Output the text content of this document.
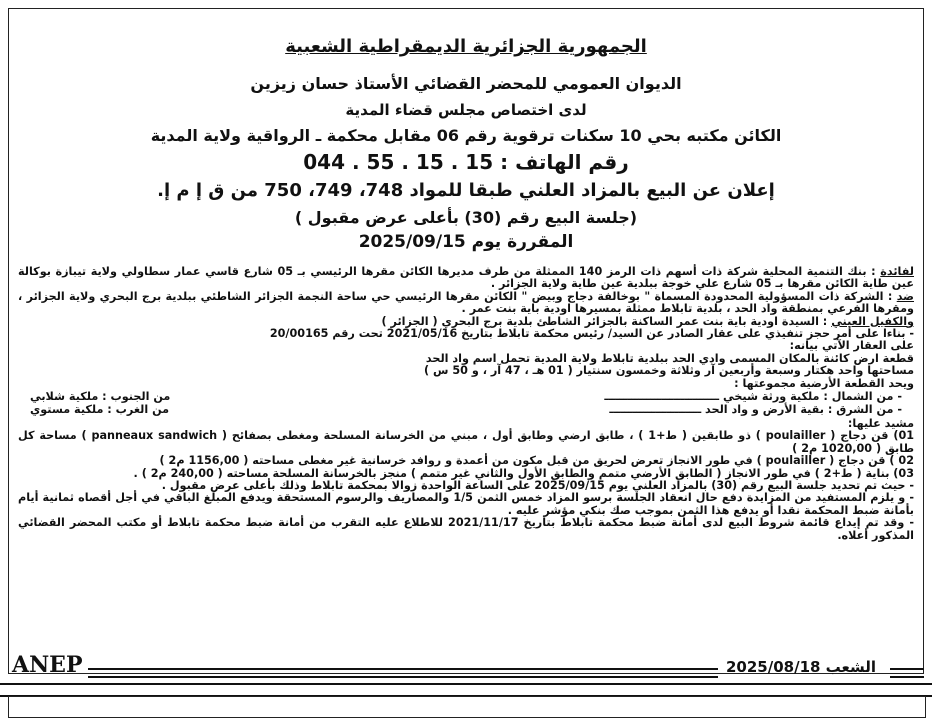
الجمهورية الجزائرية الديمقراطية الشعبية
الديوان العمومي للمحضر القضائي الأستاذ حسان زيزين
لدى اختصاص مجلس قضاء المدية
الكائن مكتبه بحي 10 سكنات ترقوية رقم 06 مقابل محكمة ـ الرواقية ولاية المدية
رقم الهاتف : 15 . 15 . 55 . 044
إعلان عن البيع بالمزاد العلني طبقا للمواد 748، 749، 750 من ق إ م إ.
(جلسة البيع رقم (30) بأعلى عرض مقبول )
المقررة يوم 2025/09/15

لفائدة : بنك التنمية المحلية شركة ذات أسهم ذات الرمز 140 الممثلة من طرف مديرها الكائن مقرها الرئيسي بـ 05 شارع قاسي عمار سطاولي ولاية تيبازة بوكالة عين طاية الكائن مقرها بـ 05 شارع علي خوجة ببلدية عين طاية ولاية الجزائر .

ضد : الشركة ذات المسؤولية المحدودة المسماة " بوخالفة دجاج وبيض " الكائن مقرها الرئيسي حي ساحة النجمة الجزائر الشاطئي ببلدية برج البحري ولاية الجزائر ، ومقرها الفرعي بمنطقة واد الحد ، بلدية تابلاط ممثلة بمسيرها اودية باية بنت عمر .

والكفيل العيني : السيدة اودية باية بنت عمر الساكنة بالجزائر الشاطئ بلدية برج البحري ( الجزائر )

- بناءا على أمر حجز تنفيذي على عقار الصادر عن السيد/ رئيس محكمة تابلاط بتاريخ 2021/05/16 تحت رقم 20/00165

على العقار الآتي بيانه:

قطعة ارض كائنة بالمكان المسمى وادي الحد ببلدية تابلاط ولاية المدية تحمل اسم واد الحد

مساحتها واحد هكتار وسبعة وأربعين آر وثلاثة وخمسون سنتيار ( 01 هـ ، 47 آر ، و 50 س )

ويحد القطعة الأرضية مجموعتها :

- من الشمال : ملكية ورثة شيخي ــــــــــــــــــــــــــــــ
من الجنوب : ملكية شلابي
- من الشرق : بقية الأرض و واد الحد ــــــــــــــــــــــــ
من الغرب : ملكية مستوي

مشيد عليها:

01) قن دجاج ( poulailler ) ذو طابقين ( ط+1 ) ، طابق ارضي وطابق أول ، مبني من الخرسانة المسلحة ومغطى بصفائح ( panneaux sandwich ) مساحة كل طابق ( 1020,00 م2 )

02 ) قن دجاج ( poulailler ) في طور الانجاز تعرض لحريق من قبل مكون من أعمدة و روافد خرسانية غير مغطى مساحته ( 1156,00 م2 )

03) بناية ( ط+2 ) في طور الانجاز ( الطابق الأرضي متمم والطابق الأول والثاني غير متمم ) منجز بالخرسانة المسلحة مساحته ( 240,00 م2 ) .

- حيث تم تحديد جلسة البيع رقم (30) بالمزاد العلني يوم 2025/09/15 على الساعة الواحدة زوالا بمحكمة تابلاط وذلك بأعلى عرض مقبول .

- و يلزم المستفيد من المزايدة دفع حال انعقاد الجلسة برسو المزاد خمس الثمن 1/5 والمصاريف والرسوم المستحقة ويدفع المبلغ الباقي في أجل أقصاه ثمانية أيام بأمانة ضبط المحكمة نقدا أو يدفع هذا الثمن بموجب صك بنكي مؤشر عليه .

- وقد تم إيداع قائمة شروط البيع لدى أمانة ضبط محكمة تابلاط بتاريخ 2021/11/17 للاطلاع عليه التقرب من أمانة ضبط محكمة تابلاط أو مكتب المحضر القضائي المذكور أعلاه.

ANEP	الشعب 2025/08/18
